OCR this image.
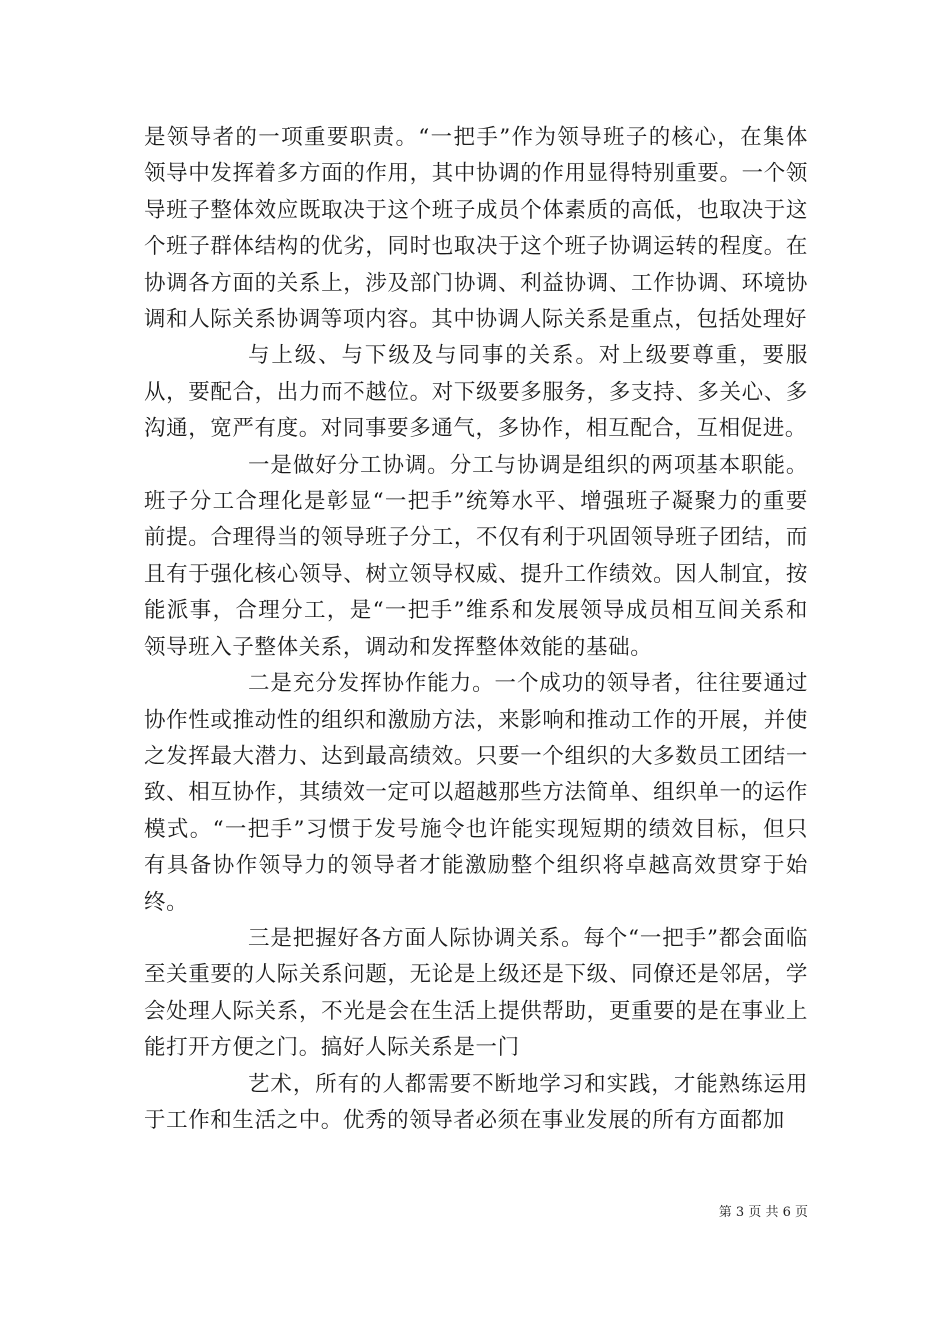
是领导者的一项重要职责。“一把手”作为领导班子的核心，在集体领导中发挥着多方面的作用，其中协调的作用显得特别重要。一个领导班子整体效应既取决于这个班子成员个体素质的高低，也取决于这个班子群体结构的优劣，同时也取决于这个班子协调运转的程度。在协调各方面的关系上，涉及部门协调、利益协调、工作协调、环境协调和人际关系协调等项内容。其中协调人际关系是重点，包括处理好

与上级、与下级及与同事的关系。对上级要尊重，要服从，要配合，出力而不越位。对下级要多服务，多支持、多关心、多沟通，宽严有度。对同事要多通气，多协作，相互配合，互相促进。

一是做好分工协调。分工与协调是组织的两项基本职能。班子分工合理化是彰显“一把手”统筹水平、增强班子凝聚力的重要前提。合理得当的领导班子分工，不仅有利于巩固领导班子团结，而且有于强化核心领导、树立领导权威、提升工作绩效。因人制宜，按能派事，合理分工，是“一把手”维系和发展领导成员相互间关系和领导班入子整体关系，调动和发挥整体效能的基础。

二是充分发挥协作能力。一个成功的领导者，往往要通过协作性或推动性的组织和激励方法，来影响和推动工作的开展，并使之发挥最大潜力、达到最高绩效。只要一个组织的大多数员工团结一致、相互协作，其绩效一定可以超越那些方法简单、组织单一的运作模式。“一把手”习惯于发号施令也许能实现短期的绩效目标，但只有具备协作领导力的领导者才能激励整个组织将卓越高效贯穿于始终。

三是把握好各方面人际协调关系。每个“一把手”都会面临至关重要的人际关系问题，无论是上级还是下级、同僚还是邻居，学会处理人际关系，不光是会在生活上提供帮助，更重要的是在事业上能打开方便之门。搞好人际关系是一门

艺术，所有的人都需要不断地学习和实践，才能熟练运用于工作和生活之中。优秀的领导者必须在事业发展的所有方面都加

第 3 页 共 6 页
